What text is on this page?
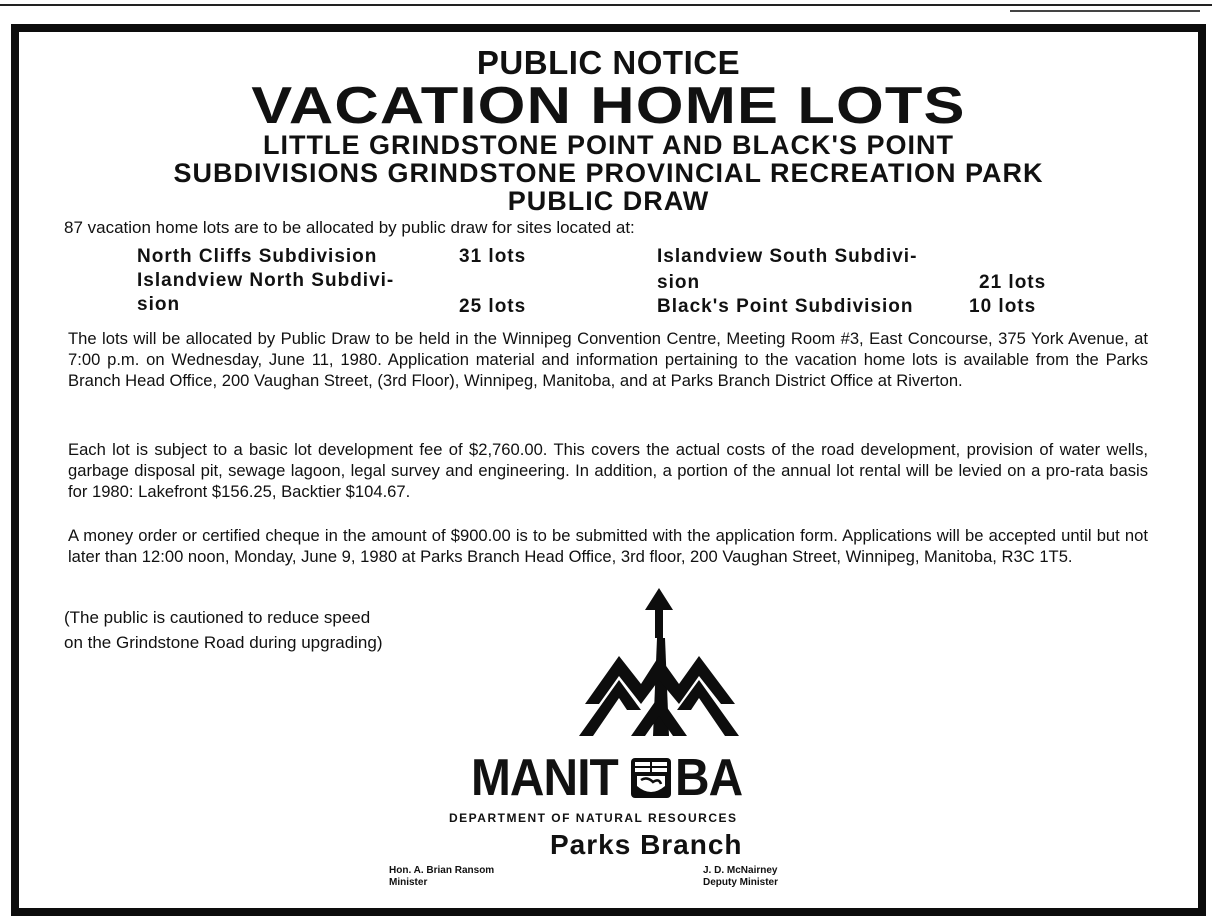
PUBLIC NOTICE
VACATION HOME LOTS
LITTLE GRINDSTONE POINT AND BLACK'S POINT
SUBDIVISIONS GRINDSTONE PROVINCIAL RECREATION PARK
PUBLIC DRAW
87 vacation home lots are to be allocated by public draw for sites located at:
North Cliffs Subdivision	31 lots
Islandview North Subdivi-
sion	25 lots
Islandview South Subdivi-
sion	21 lots
Black's Point Subdivision	10 lots
The lots will be allocated by Public Draw to be held in the Winnipeg Convention Centre, Meeting Room #3, East Concourse, 375 York Avenue, at 7:00 p.m. on Wednesday, June 11, 1980. Application material and information pertaining to the vacation home lots is available from the Parks Branch Head Office, 200 Vaughan Street, (3rd Floor), Winnipeg, Manitoba, and at Parks Branch District Office at Riverton.
Each lot is subject to a basic lot development fee of $2,760.00. This covers the actual costs of the road development, provision of water wells, garbage disposal pit, sewage lagoon, legal survey and engineering. In addition, a portion of the annual lot rental will be levied on a pro-rata basis for 1980: Lakefront $156.25, Backtier $104.67.
A money order or certified cheque in the amount of $900.00 is to be submitted with the application form. Applications will be accepted until but not later than 12:00 noon, Monday, June 9, 1980 at Parks Branch Head Office, 3rd floor, 200 Vaughan Street, Winnipeg, Manitoba, R3C 1T5.
(The public is cautioned to reduce speed
on the Grindstone Road during upgrading)
MANIT BA
DEPARTMENT OF NATURAL RESOURCES
Parks Branch
Hon. A. Brian Ransom
Minister
J. D. McNairney
Deputy Minister
